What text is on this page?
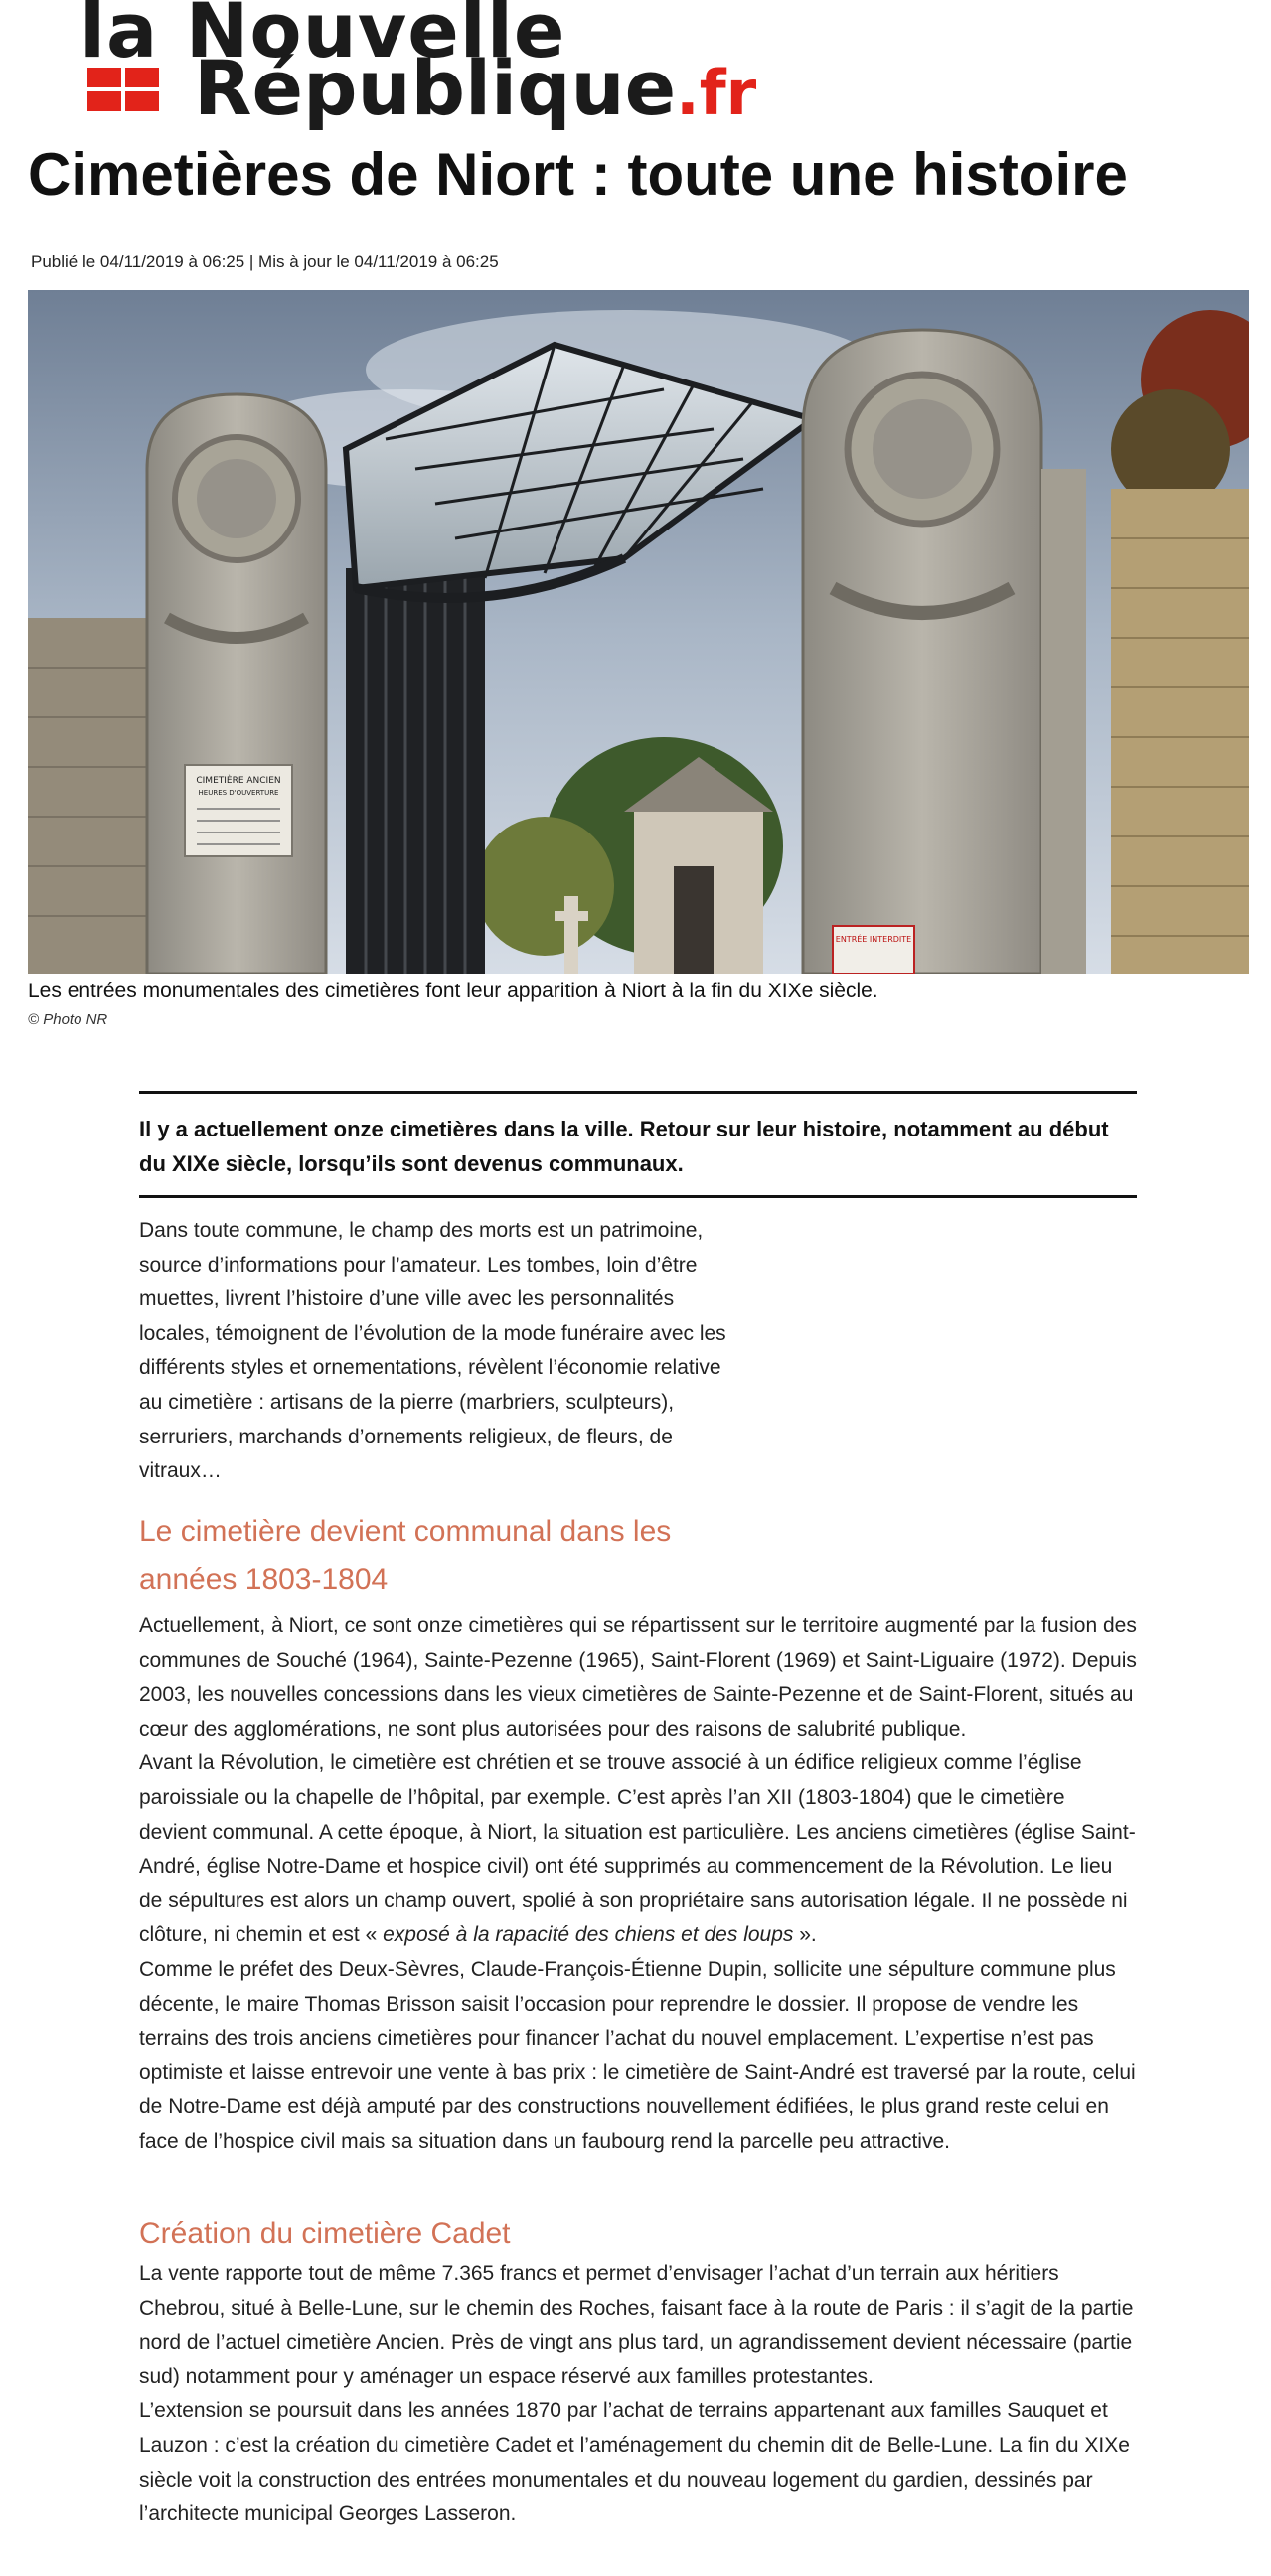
la Nouvelle
République.fr
Cimetières de Niort : toute une histoire
Publié le 04/11/2019 à 06:25 | Mis à jour le 04/11/2019 à 06:25
CIMETIÈRE ANCIEN
HEURES D'OUVERTURE
ENTRÉE INTERDITE
Les entrées monumentales des cimetières font leur apparition à Niort à la fin du XIXe siècle.
© Photo NR

Il y a actuellement onze cimetières dans la ville. Retour sur leur histoire, notamment au début du XIXe siècle, lorsqu’ils sont devenus communaux.

Dans toute commune, le champ des morts est un patrimoine, source d’informations pour l’amateur. Les tombes, loin d’être muettes, livrent l’histoire d’une ville avec les personnalités locales, témoignent de l’évolution de la mode funéraire avec les différents styles et ornementations, révèlent l’économie relative au cimetière : artisans de la pierre (marbriers, sculpteurs), serruriers, marchands d’ornements religieux, de fleurs, de vitraux…

Le cimetière devient communal dans les années 1803-1804

Actuellement, à Niort, ce sont onze cimetières qui se répartissent sur le territoire augmenté par la fusion des communes de Souché (1964), Sainte-Pezenne (1965), Saint-Florent (1969) et Saint-Liguaire (1972). Depuis 2003, les nouvelles concessions dans les vieux cimetières de Sainte-Pezenne et de Saint-Florent, situés au cœur des agglomérations, ne sont plus autorisées pour des raisons de salubrité publique.

Avant la Révolution, le cimetière est chrétien et se trouve associé à un édifice religieux comme l’église paroissiale ou la chapelle de l’hôpital, par exemple. C’est après l’an XII (1803-1804) que le cimetière devient communal. A cette époque, à Niort, la situation est particulière. Les anciens cimetières (église Saint-André, église Notre-Dame et hospice civil) ont été supprimés au commencement de la Révolution. Le lieu de sépultures est alors un champ ouvert, spolié à son propriétaire sans autorisation légale. Il ne possède ni clôture, ni chemin et est « exposé à la rapacité des chiens et des loups ».

Comme le préfet des Deux-Sèvres, Claude-François-Étienne Dupin, sollicite une sépulture commune plus décente, le maire Thomas Brisson saisit l’occasion pour reprendre le dossier. Il propose de vendre les terrains des trois anciens cimetières pour financer l’achat du nouvel emplacement. L’expertise n’est pas optimiste et laisse entrevoir une vente à bas prix : le cimetière de Saint-André est traversé par la route, celui de Notre-Dame est déjà amputé par des constructions nouvellement édifiées, le plus grand reste celui en face de l’hospice civil mais sa situation dans un faubourg rend la parcelle peu attractive.

Création du cimetière Cadet

La vente rapporte tout de même 7.365 francs et permet d’envisager l’achat d’un terrain aux héritiers Chebrou, situé à Belle-Lune, sur le chemin des Roches, faisant face à la route de Paris : il s’agit de la partie nord de l’actuel cimetière Ancien. Près de vingt ans plus tard, un agrandissement devient nécessaire (partie sud) notamment pour y aménager un espace réservé aux familles protestantes.

L’extension se poursuit dans les années 1870 par l’achat de terrains appartenant aux familles Sauquet et Lauzon : c’est la création du cimetière Cadet et l’aménagement du chemin dit de Belle-Lune. La fin du XIXe siècle voit la construction des entrées monumentales et du nouveau logement du gardien, dessinés par l’architecte municipal Georges Lasseron.
